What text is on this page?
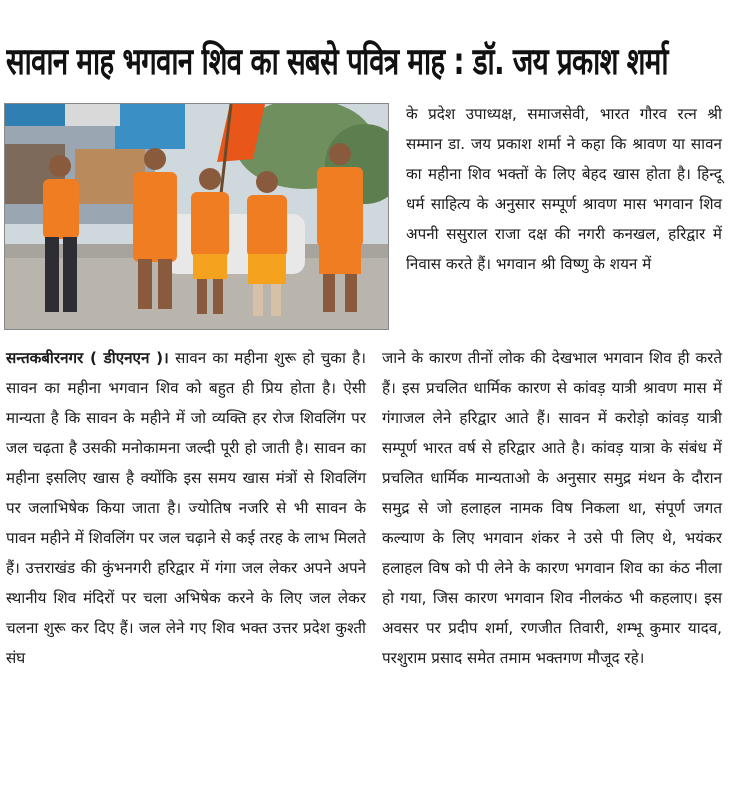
सावान माह भगवान शिव का सबसे पवित्र माह : डॉ. जय प्रकाश शर्मा
के प्रदेश उपाध्यक्ष, समाजसेवी, भारत गौरव रत्न श्री सम्मान डा. जय प्रकाश शर्मा ने कहा कि श्रावण या सावन का महीना शिव भक्तों के लिए बेहद खास होता है। हिन्दू धर्म साहित्य के अनुसार सम्पूर्ण श्रावण मास भगवान शिव अपनी ससुराल राजा दक्ष की नगरी कनखल, हरिद्वार में निवास करते हैं। भगवान श्री विष्णु के शयन में
सन्तकबीरनगर ( डीएनएन )। सावन का महीना शुरू हो चुका है। सावन का महीना भगवान शिव को बहुत ही प्रिय होता है। ऐसी मान्यता है कि सावन के महीने में जो व्यक्ति हर रोज शिवलिंग पर जल चढ़ता है उसकी मनोकामना जल्दी पूरी हो जाती है। सावन का महीना इसलिए खास है क्योंकि इस समय खास मंत्रों से शिवलिंग पर जलाभिषेक किया जाता है। ज्योतिष नजरि से भी सावन के पावन महीने में शिवलिंग पर जल चढ़ाने से कई तरह के लाभ मिलते हैं। उत्तराखंड की कुंभनगरी हरिद्वार में गंगा जल लेकर अपने अपने स्थानीय शिव मंदिरों पर चला अभिषेक करने के लिए जल लेकर चलना शुरू कर दिए हैं। जल लेने गए शिव भक्त उत्तर प्रदेश कुश्ती संघ
जाने के कारण तीनों लोक की देखभाल भगवान शिव ही करते हैं। इस प्रचलित धार्मिक कारण से कांवड़ यात्री श्रावण मास में गंगाजल लेने हरिद्वार आते हैं। सावन में करोड़ो कांवड़ यात्री सम्पूर्ण भारत वर्ष से हरिद्वार आते है। कांवड़ यात्रा के संबंध में प्रचलित धार्मिक मान्यताओ के अनुसार समुद्र मंथन के दौरान समुद्र से जो हलाहल नामक विष निकला था, संपूर्ण जगत कल्याण के लिए भगवान शंकर ने उसे पी लिए थे, भयंकर हलाहल विष को पी लेने के कारण भगवान शिव का कंठ नीला हो गया, जिस कारण भगवान शिव नीलकंठ भी कहलाए। इस अवसर पर प्रदीप शर्मा, रणजीत तिवारी, शम्भू कुमार यादव, परशुराम प्रसाद समेत तमाम भक्तगण मौजूद रहे।
